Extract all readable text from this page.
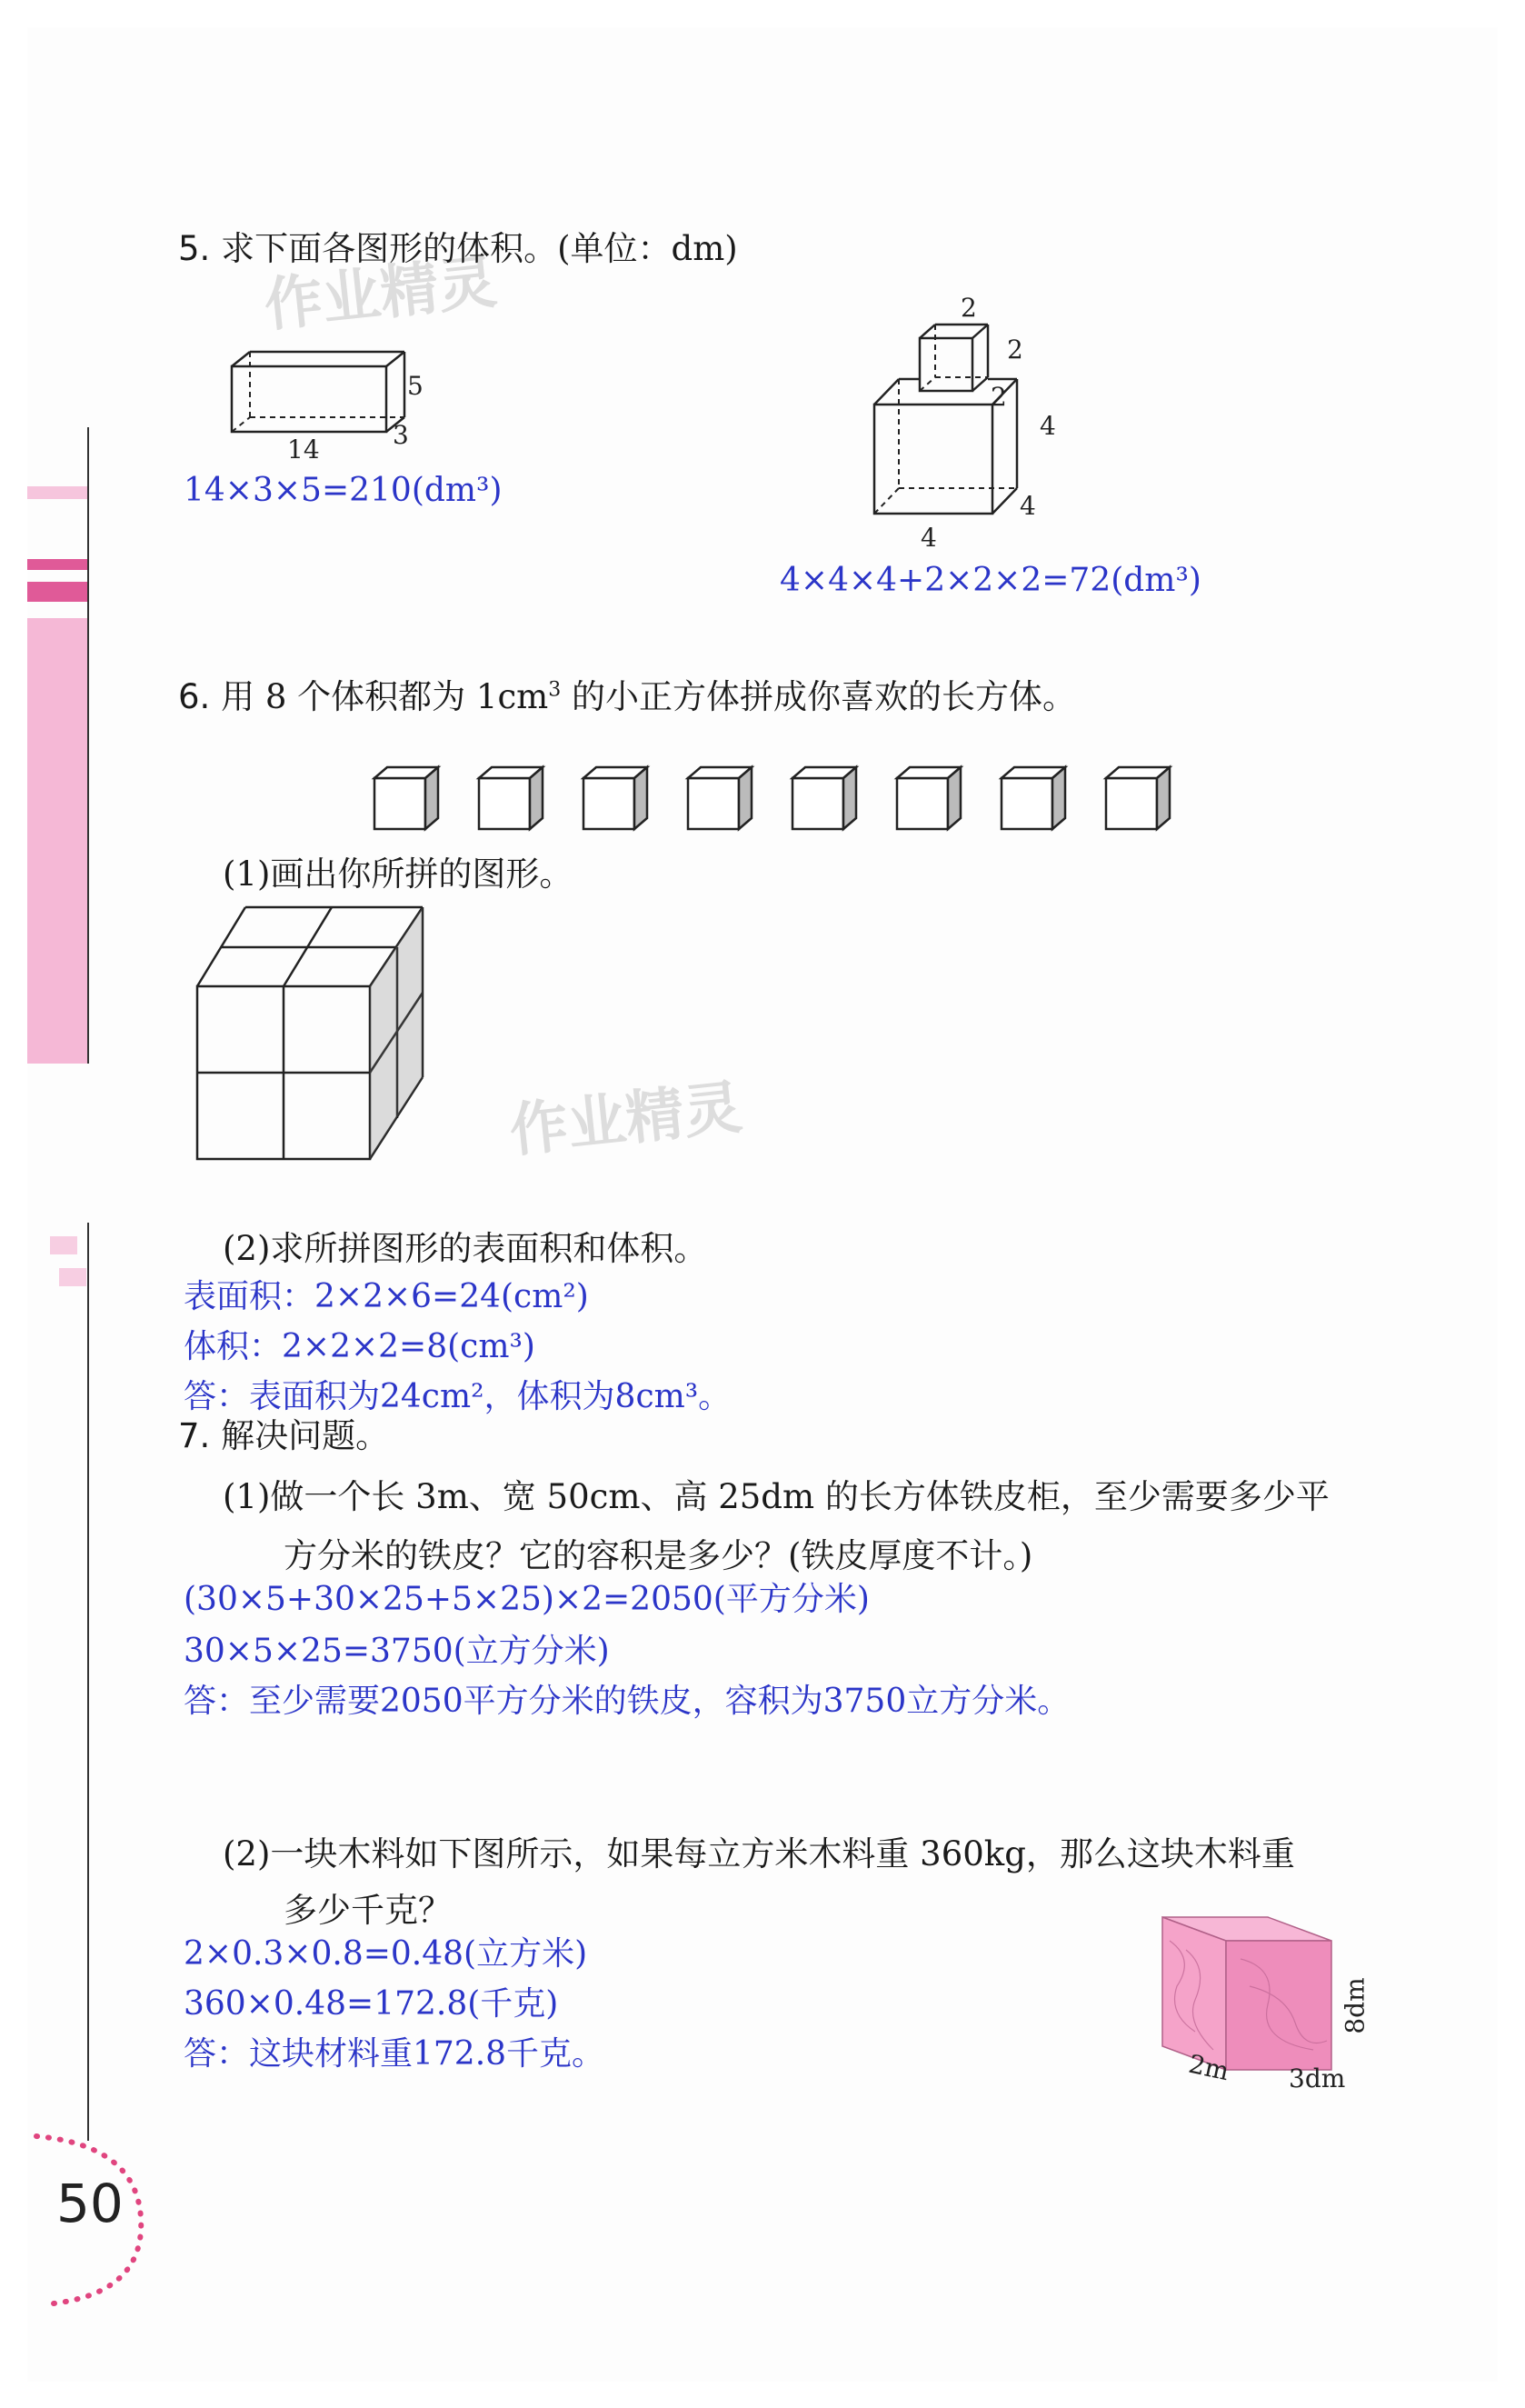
作业精灵
作业精灵
5. 求下面各图形的体积。(单位：dm)
14	3
5
14×3×5=210(dm³)
2
2
2
4
4
4
4×4×4+2×2×2=72(dm³)
6. 用 8 个体积都为 $1cm^3$ 的小正方体拼成你喜欢的长方体。
(1)画出你所拼的图形。
(2)求所拼图形的表面积和体积。
表面积：2×2×6=24(cm²)
体积：2×2×2=8(cm³)
答：表面积为24cm²，体积为8cm³。
7. 解决问题。
(1)做一个长 3m、宽 50cm、高 25dm 的长方体铁皮柜，至少需要多少平
方分米的铁皮？它的容积是多少？(铁皮厚度不计。)
(30×5+30×25+5×25)×2=2050(平方分米)
30×5×25=3750(立方分米)
答：至少需要2050平方分米的铁皮，容积为3750立方分米。
(2)一块木料如下图所示，如果每立方米木料重 360kg，那么这块木料重
多少千克？
2×0.3×0.8=0.48(立方米)
360×0.48=172.8(千克)
答：这块材料重172.8千克。	2m 3dm
8dm
50
